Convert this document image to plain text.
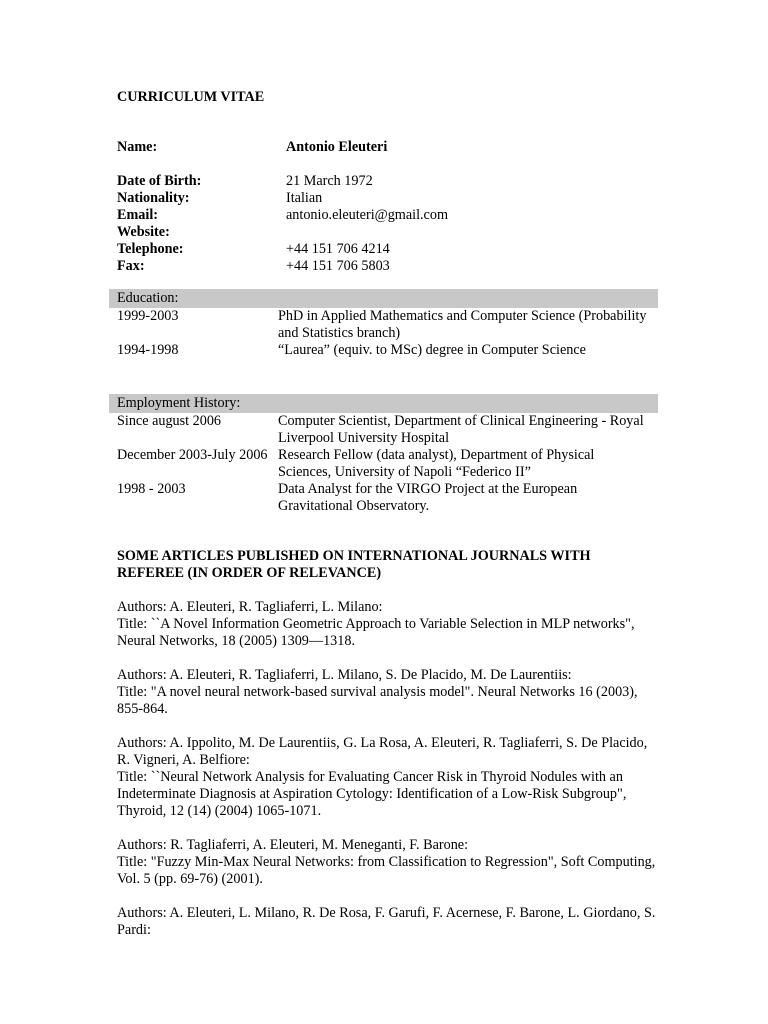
CURRICULUM VITAE
Name:	Antonio Eleuteri
Date of Birth:	21 March 1972
Nationality:	Italian
Email:	antonio.eleuteri@gmail.com
Website:
Telephone:	+44 151 706 4214
Fax:	+44 151 706 5803
Education:
1999-2003	PhD in Applied Mathematics and Computer Science (Probability and Statistics branch)
1994-1998	“Laurea” (equiv. to MSc) degree in Computer Science
Employment History:
Since august 2006	Computer Scientist, Department of Clinical Engineering - Royal Liverpool University Hospital
December 2003-July 2006 Research Fellow (data analyst), Department of Physical Sciences, University of Napoli “Federico II”
1998 - 2003	Data Analyst for the VIRGO Project at the European Gravitational Observatory.
SOME ARTICLES PUBLISHED ON INTERNATIONAL JOURNALS WITH REFEREE (IN ORDER OF RELEVANCE)
Authors: A. Eleuteri, R. Tagliaferri, L. Milano:
Title: ``A Novel Information Geometric Approach to Variable Selection in MLP networks", Neural Networks, 18 (2005) 1309—1318.
Authors: A. Eleuteri, R. Tagliaferri, L. Milano, S. De Placido, M. De Laurentiis:
Title: "A novel neural network-based survival analysis model". Neural Networks 16 (2003), 855-864.
Authors: A. Ippolito, M. De Laurentiis, G. La Rosa, A. Eleuteri, R. Tagliaferri, S. De Placido, R. Vigneri, A. Belfiore:
Title: ``Neural Network Analysis for Evaluating Cancer Risk in Thyroid Nodules with an Indeterminate Diagnosis at Aspiration Cytology: Identification of a Low-Risk Subgroup", Thyroid, 12 (14) (2004) 1065-1071.
Authors: R. Tagliaferri, A. Eleuteri, M. Meneganti, F. Barone:
Title: "Fuzzy Min-Max Neural Networks: from Classification to Regression", Soft Computing, Vol. 5 (pp. 69-76) (2001).
Authors: A. Eleuteri, L. Milano, R. De Rosa, F. Garufi, F. Acernese, F. Barone, L. Giordano, S. Pardi:
